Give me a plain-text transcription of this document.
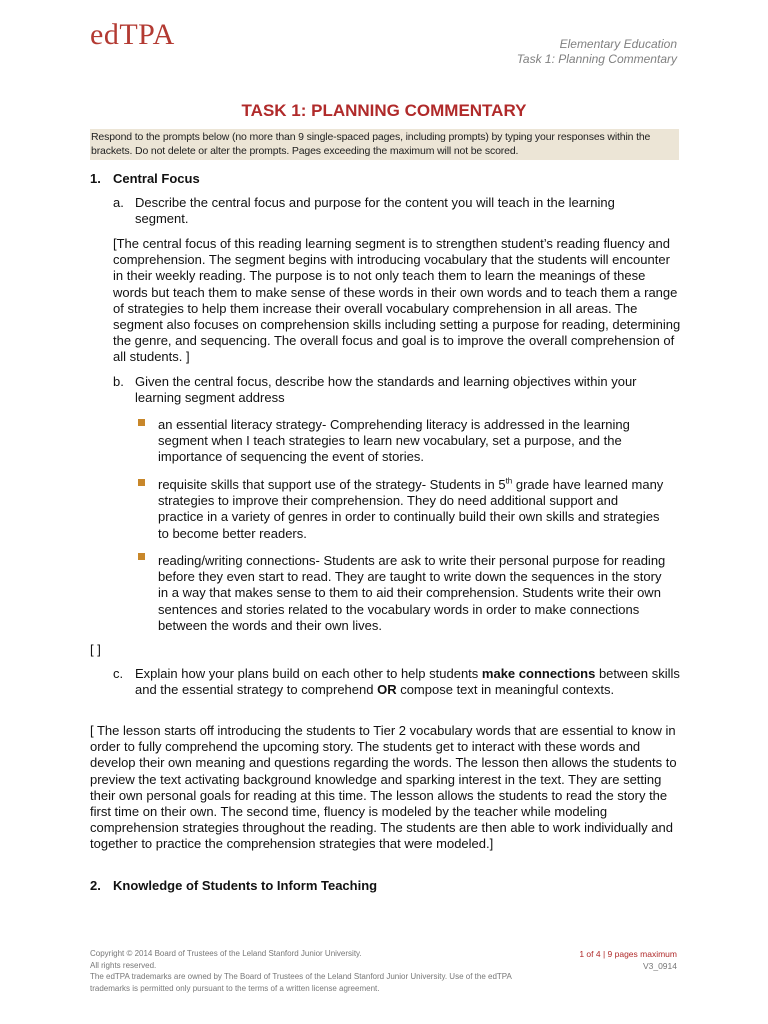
edTPA	Elementary Education
Task 1: Planning Commentary
TASK 1: PLANNING COMMENTARY
Respond to the prompts below (no more than 9 single-spaced pages, including prompts) by typing your responses within the brackets. Do not delete or alter the prompts. Pages exceeding the maximum will not be scored.
1. Central Focus
a. Describe the central focus and purpose for the content you will teach in the learning segment.
[The central focus of this reading learning segment is to strengthen student’s reading fluency and comprehension. The segment begins with introducing vocabulary that the students will encounter in their weekly reading. The purpose is to not only teach them to learn the meanings of these words but teach them to make sense of these words in their own words and to teach them a range of strategies to help them increase their overall vocabulary comprehension in all areas. The segment also focuses on comprehension skills including setting a purpose for reading, determining the genre, and sequencing. The overall focus and goal is to improve the overall comprehension of all students. ]
b. Given the central focus, describe how the standards and learning objectives within your learning segment address
an essential literacy strategy- Comprehending literacy is addressed in the learning segment when I teach strategies to learn new vocabulary, set a purpose, and the importance of sequencing the event of stories.
requisite skills that support use of the strategy- Students in 5th grade have learned many strategies to improve their comprehension. They do need additional support and practice in a variety of genres in order to continually build their own skills and strategies to become better readers.
reading/writing connections- Students are ask to write their personal purpose for reading before they even start to read. They are taught to write down the sequences in the story in a way that makes sense to them to aid their comprehension. Students write their own sentences and stories related to the vocabulary words in order to make connections between the words and their own lives.
[ ]
c. Explain how your plans build on each other to help students make connections between skills and the essential strategy to comprehend OR compose text in meaningful contexts.
[ The lesson starts off introducing the students to Tier 2 vocabulary words that are essential to know in order to fully comprehend the upcoming story. The students get to interact with these words and develop their own meaning and questions regarding the words. The lesson then allows the students to preview the text activating background knowledge and sparking interest in the text. They are setting their own personal goals for reading at this time. The lesson allows the students to read the story the first time on their own. The second time, fluency is modeled by the teacher while modeling comprehension strategies throughout the reading. The students are then able to work individually and together to practice the comprehension strategies that were modeled.]
2. Knowledge of Students to Inform Teaching
Copyright © 2014 Board of Trustees of the Leland Stanford Junior University.
All rights reserved.
The edTPA trademarks are owned by The Board of Trustees of the Leland Stanford Junior University. Use of the edTPA trademarks is permitted only pursuant to the terms of a written license agreement.
1 of 4 | 9 pages maximum
V3_0914
